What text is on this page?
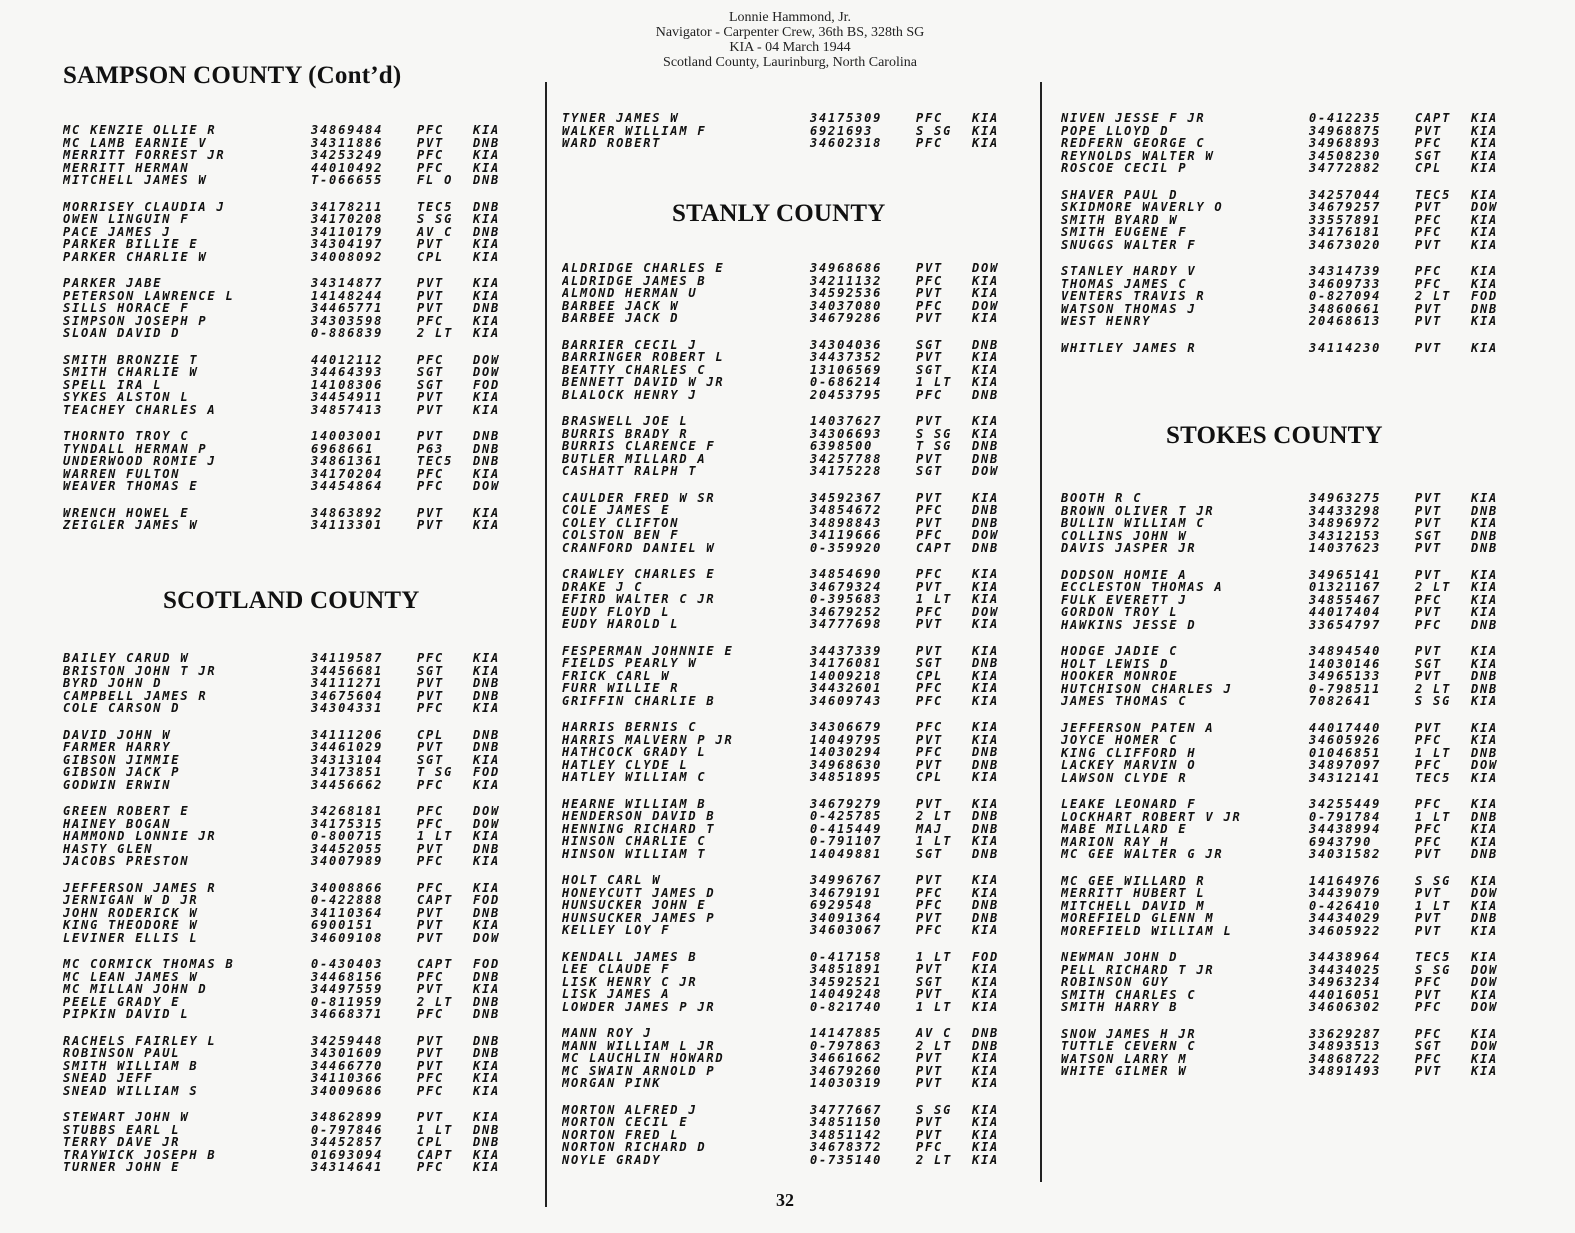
Lonnie Hammond, Jr.
Navigator - Carpenter Crew, 36th BS, 328th SG
KIA - 04 March 1944
Scotland County, Laurinburg, North Carolina
SAMPSON COUNTY (Cont’d)
MC KENZIE OLLIE R	34869484	PFC	KIA
MC LAMB EARNIE V	34311886	PVT	DNB
MERRITT FORREST JR	34253249	PFC	KIA
MERRITT HERMAN	44010492	PFC	KIA
MITCHELL JAMES W	T-066655	FL O	DNB
MORRISEY CLAUDIA J	34178211	TEC5	DNB
OWEN LINGUIN F	34170208	S SG	KIA
PACE JAMES J	34110179	AV C	DNB
PARKER BILLIE E	34304197	PVT	KIA
PARKER CHARLIE W	34008092	CPL	KIA
PARKER JABE	34314877	PVT	KIA
PETERSON LAWRENCE L	14148244	PVT	KIA
SILLS HORACE F	34465771	PVT	DNB
SIMPSON JOSEPH P	34303598	PFC	KIA
SLOAN DAVID D	0-886839	2 LT	KIA
SMITH BRONZIE T	44012112	PFC	DOW
SMITH CHARLIE W	34464393	SGT	DOW
SPELL IRA L	14108306	SGT	FOD
SYKES ALSTON L	34454911	PVT	KIA
TEACHEY CHARLES A	34857413	PVT	KIA
THORNTO TROY C	14003001	PVT	DNB
TYNDALL HERMAN P	6968661	P63	DNB
UNDERWOOD ROMIE J	34861361	TEC5	DNB
WARREN FULTON	34170204	PFC	KIA
WEAVER THOMAS E	34454864	PFC	DOW
WRENCH HOWEL E	34863892	PVT	KIA
ZEIGLER JAMES W	34113301	PVT	KIA
SCOTLAND COUNTY
BAILEY CARUD W	34119587	PFC	KIA
BRISTON JOHN T JR	34456681	SGT	KIA
BYRD JOHN D	34111271	PVT	DNB
CAMPBELL JAMES R	34675604	PVT	DNB
COLE CARSON D	34304331	PFC	KIA
DAVID JOHN W	34111206	CPL	DNB
FARMER HARRY	34461029	PVT	DNB
GIBSON JIMMIE	34313104	SGT	KIA
GIBSON JACK P	34173851	T SG	FOD
GODWIN ERWIN	34456662	PFC	KIA
GREEN ROBERT E	34268181	PFC	DOW
HAINEY BOGAN	34175315	PFC	DOW
HAMMOND LONNIE JR	0-800715	1 LT	KIA
HASTY GLEN	34452055	PVT	DNB
JACOBS PRESTON	34007989	PFC	KIA
JEFFERSON JAMES R	34008866	PFC	KIA
JERNIGAN W D JR	0-422888	CAPT	FOD
JOHN RODERICK W	34110364	PVT	DNB
KING THEODORE W	6900151	PVT	KIA
LEVINER ELLIS L	34609108	PVT	DOW
MC CORMICK THOMAS B	0-430403	CAPT	FOD
MC LEAN JAMES W	34468156	PFC	DNB
MC MILLAN JOHN D	34497559	PVT	KIA
PEELE GRADY E	0-811959	2 LT	DNB
PIPKIN DAVID L	34668371	PFC	DNB
RACHELS FAIRLEY L	34259448	PVT	DNB
ROBINSON PAUL	34301609	PVT	DNB
SMITH WILLIAM B	34466770	PVT	KIA
SNEAD JEFF	34110366	PFC	KIA
SNEAD WILLIAM S	34009686	PFC	KIA
STEWART JOHN W	34862899	PVT	KIA
STUBBS EARL L	0-797846	1 LT	DNB
TERRY DAVE JR	34452857	CPL	DNB
TRAYWICK JOSEPH B	01693094	CAPT	KIA
TURNER JOHN E	34314641	PFC	KIA
TYNER JAMES W	34175309	PFC	KIA
WALKER WILLIAM F	6921693	S SG	KIA
WARD ROBERT	34602318	PFC	KIA
STANLY COUNTY
ALDRIDGE CHARLES E	34968686	PVT	DOW
ALDRIDGE JAMES B	34211132	PFC	KIA
ALMOND HERMAN U	34592536	PVT	KIA
BARBEE JACK W	34037080	PFC	DOW
BARBEE JACK D	34679286	PVT	KIA
BARRIER CECIL J	34304036	SGT	DNB
BARRINGER ROBERT L	34437352	PVT	KIA
BEATTY CHARLES C	13106569	SGT	KIA
BENNETT DAVID W JR	0-686214	1 LT	KIA
BLALOCK HENRY J	20453795	PFC	DNB
BRASWELL JOE L	14037627	PVT	KIA
BURRIS BRADY R	34306693	S SG	KIA
BURRIS CLARENCE F	6398500	T SG	DNB
BUTLER MILLARD A	34257788	PVT	DNB
CASHATT RALPH T	34175228	SGT	DOW
CAULDER FRED W SR	34592367	PVT	KIA
COLE JAMES E	34854672	PFC	DNB
COLEY CLIFTON	34898843	PVT	DNB
COLSTON BEN F	34119666	PFC	DOW
CRANFORD DANIEL W	0-359920	CAPT	DNB
CRAWLEY CHARLES E	34854690	PFC	KIA
DRAKE J C	34679324	PVT	KIA
EFIRD WALTER C JR	0-395683	1 LT	KIA
EUDY FLOYD L	34679252	PFC	DOW
EUDY HAROLD L	34777698	PVT	KIA
FESPERMAN JOHNNIE E	34437339	PVT	KIA
FIELDS PEARLY W	34176081	SGT	DNB
FRICK CARL W	14009218	CPL	KIA
FURR WILLIE R	34432601	PFC	KIA
GRIFFIN CHARLIE B	34609743	PFC	KIA
HARRIS BERNIS C	34306679	PFC	KIA
HARRIS MALVERN P JR	14049795	PVT	KIA
HATHCOCK GRADY L	14030294	PFC	DNB
HATLEY CLYDE L	34968630	PVT	DNB
HATLEY WILLIAM C	34851895	CPL	KIA
HEARNE WILLIAM B	34679279	PVT	KIA
HENDERSON DAVID B	0-425785	2 LT	DNB
HENNING RICHARD T	0-415449	MAJ	DNB
HINSON CHARLIE C	0-791107	1 LT	KIA
HINSON WILLIAM T	14049881	SGT	DNB
HOLT CARL W	34996767	PVT	KIA
HONEYCUTT JAMES D	34679191	PFC	KIA
HUNSUCKER JOHN E	6929548	PFC	DNB
HUNSUCKER JAMES P	34091364	PVT	DNB
KELLEY LOY F	34603067	PFC	KIA
KENDALL JAMES B	0-417158	1 LT	FOD
LEE CLAUDE F	34851891	PVT	KIA
LISK HENRY C JR	34592521	SGT	KIA
LISK JAMES A	14049248	PVT	KIA
LOWDER JAMES P JR	0-821740	1 LT	KIA
MANN ROY J	14147885	AV C	DNB
MANN WILLIAM L JR	0-797863	2 LT	DNB
MC LAUCHLIN HOWARD	34661662	PVT	KIA
MC SWAIN ARNOLD P	34679260	PVT	KIA
MORGAN PINK	14030319	PVT	KIA
MORTON ALFRED J	34777667	S SG	KIA
MORTON CECIL E	34851150	PVT	KIA
NORTON FRED L	34851142	PVT	KIA
NORTON RICHARD D	34678372	PFC	KIA
NOYLE GRADY	0-735140	2 LT	KIA
NIVEN JESSE F JR	0-412235	CAPT	KIA
POPE LLOYD D	34968875	PVT	KIA
REDFERN GEORGE C	34968893	PFC	KIA
REYNOLDS WALTER W	34508230	SGT	KIA
ROSCOE CECIL P	34772882	CPL	KIA
SHAVER PAUL D	34257044	TEC5	KIA
SKIDMORE WAVERLY O	34679257	PVT	DOW
SMITH BYARD W	33557891	PFC	KIA
SMITH EUGENE F	34176181	PFC	KIA
SNUGGS WALTER F	34673020	PVT	KIA
STANLEY HARDY V	34314739	PFC	KIA
THOMAS JAMES C	34609733	PFC	KIA
VENTERS TRAVIS R	0-827094	2 LT	FOD
WATSON THOMAS J	34860661	PVT	DNB
WEST HENRY	20468613	PVT	KIA
WHITLEY JAMES R	34114230	PVT	KIA
STOKES COUNTY
BOOTH R C	34963275	PVT	KIA
BROWN OLIVER T JR	34433298	PVT	DNB
BULLIN WILLIAM C	34896972	PVT	KIA
COLLINS JOHN W	34312153	SGT	DNB
DAVIS JASPER JR	14037623	PVT	DNB
DODSON HOMIE A	34965141	PVT	KIA
ECCLESTON THOMAS A	01321167	2 LT	KIA
FULK EVERETT J	34855467	PFC	KIA
GORDON TROY L	44017404	PVT	KIA
HAWKINS JESSE D	33654797	PFC	DNB
HODGE JADIE C	34894540	PVT	KIA
HOLT LEWIS D	14030146	SGT	KIA
HOOKER MONROE	34965133	PVT	DNB
HUTCHISON CHARLES J	0-798511	2 LT	DNB
JAMES THOMAS C	7082641	S SG	KIA
JEFFERSON PATEN A	44017440	PVT	KIA
JOYCE HOMER C	34605926	PFC	KIA
KING CLIFFORD H	01046851	1 LT	DNB
LACKEY MARVIN O	34897097	PFC	DOW
LAWSON CLYDE R	34312141	TEC5	KIA
LEAKE LEONARD F	34255449	PFC	KIA
LOCKHART ROBERT V JR	0-791784	1 LT	DNB
MABE MILLARD E	34438994	PFC	KIA
MARION RAY H	6943790	PFC	KIA
MC GEE WALTER G JR	34031582	PVT	DNB
MC GEE WILLARD R	14164976	S SG	KIA
MERRITT HUBERT L	34439079	PVT	DOW
MITCHELL DAVID M	0-426410	1 LT	KIA
MOREFIELD GLENN M	34434029	PVT	DNB
MOREFIELD WILLIAM L	34605922	PVT	KIA
NEWMAN JOHN D	34438964	TEC5	KIA
PELL RICHARD T JR	34434025	S SG	DOW
ROBINSON GUY	34963234	PFC	DOW
SMITH CHARLES C	44016051	PVT	KIA
SMITH HARRY B	34606302	PFC	DOW
SNOW JAMES H JR	33629287	PFC	KIA
TUTTLE CEVERN C	34893513	SGT	DOW
WATSON LARRY M	34868722	PFC	KIA
WHITE GILMER W	34891493	PVT	KIA
32
